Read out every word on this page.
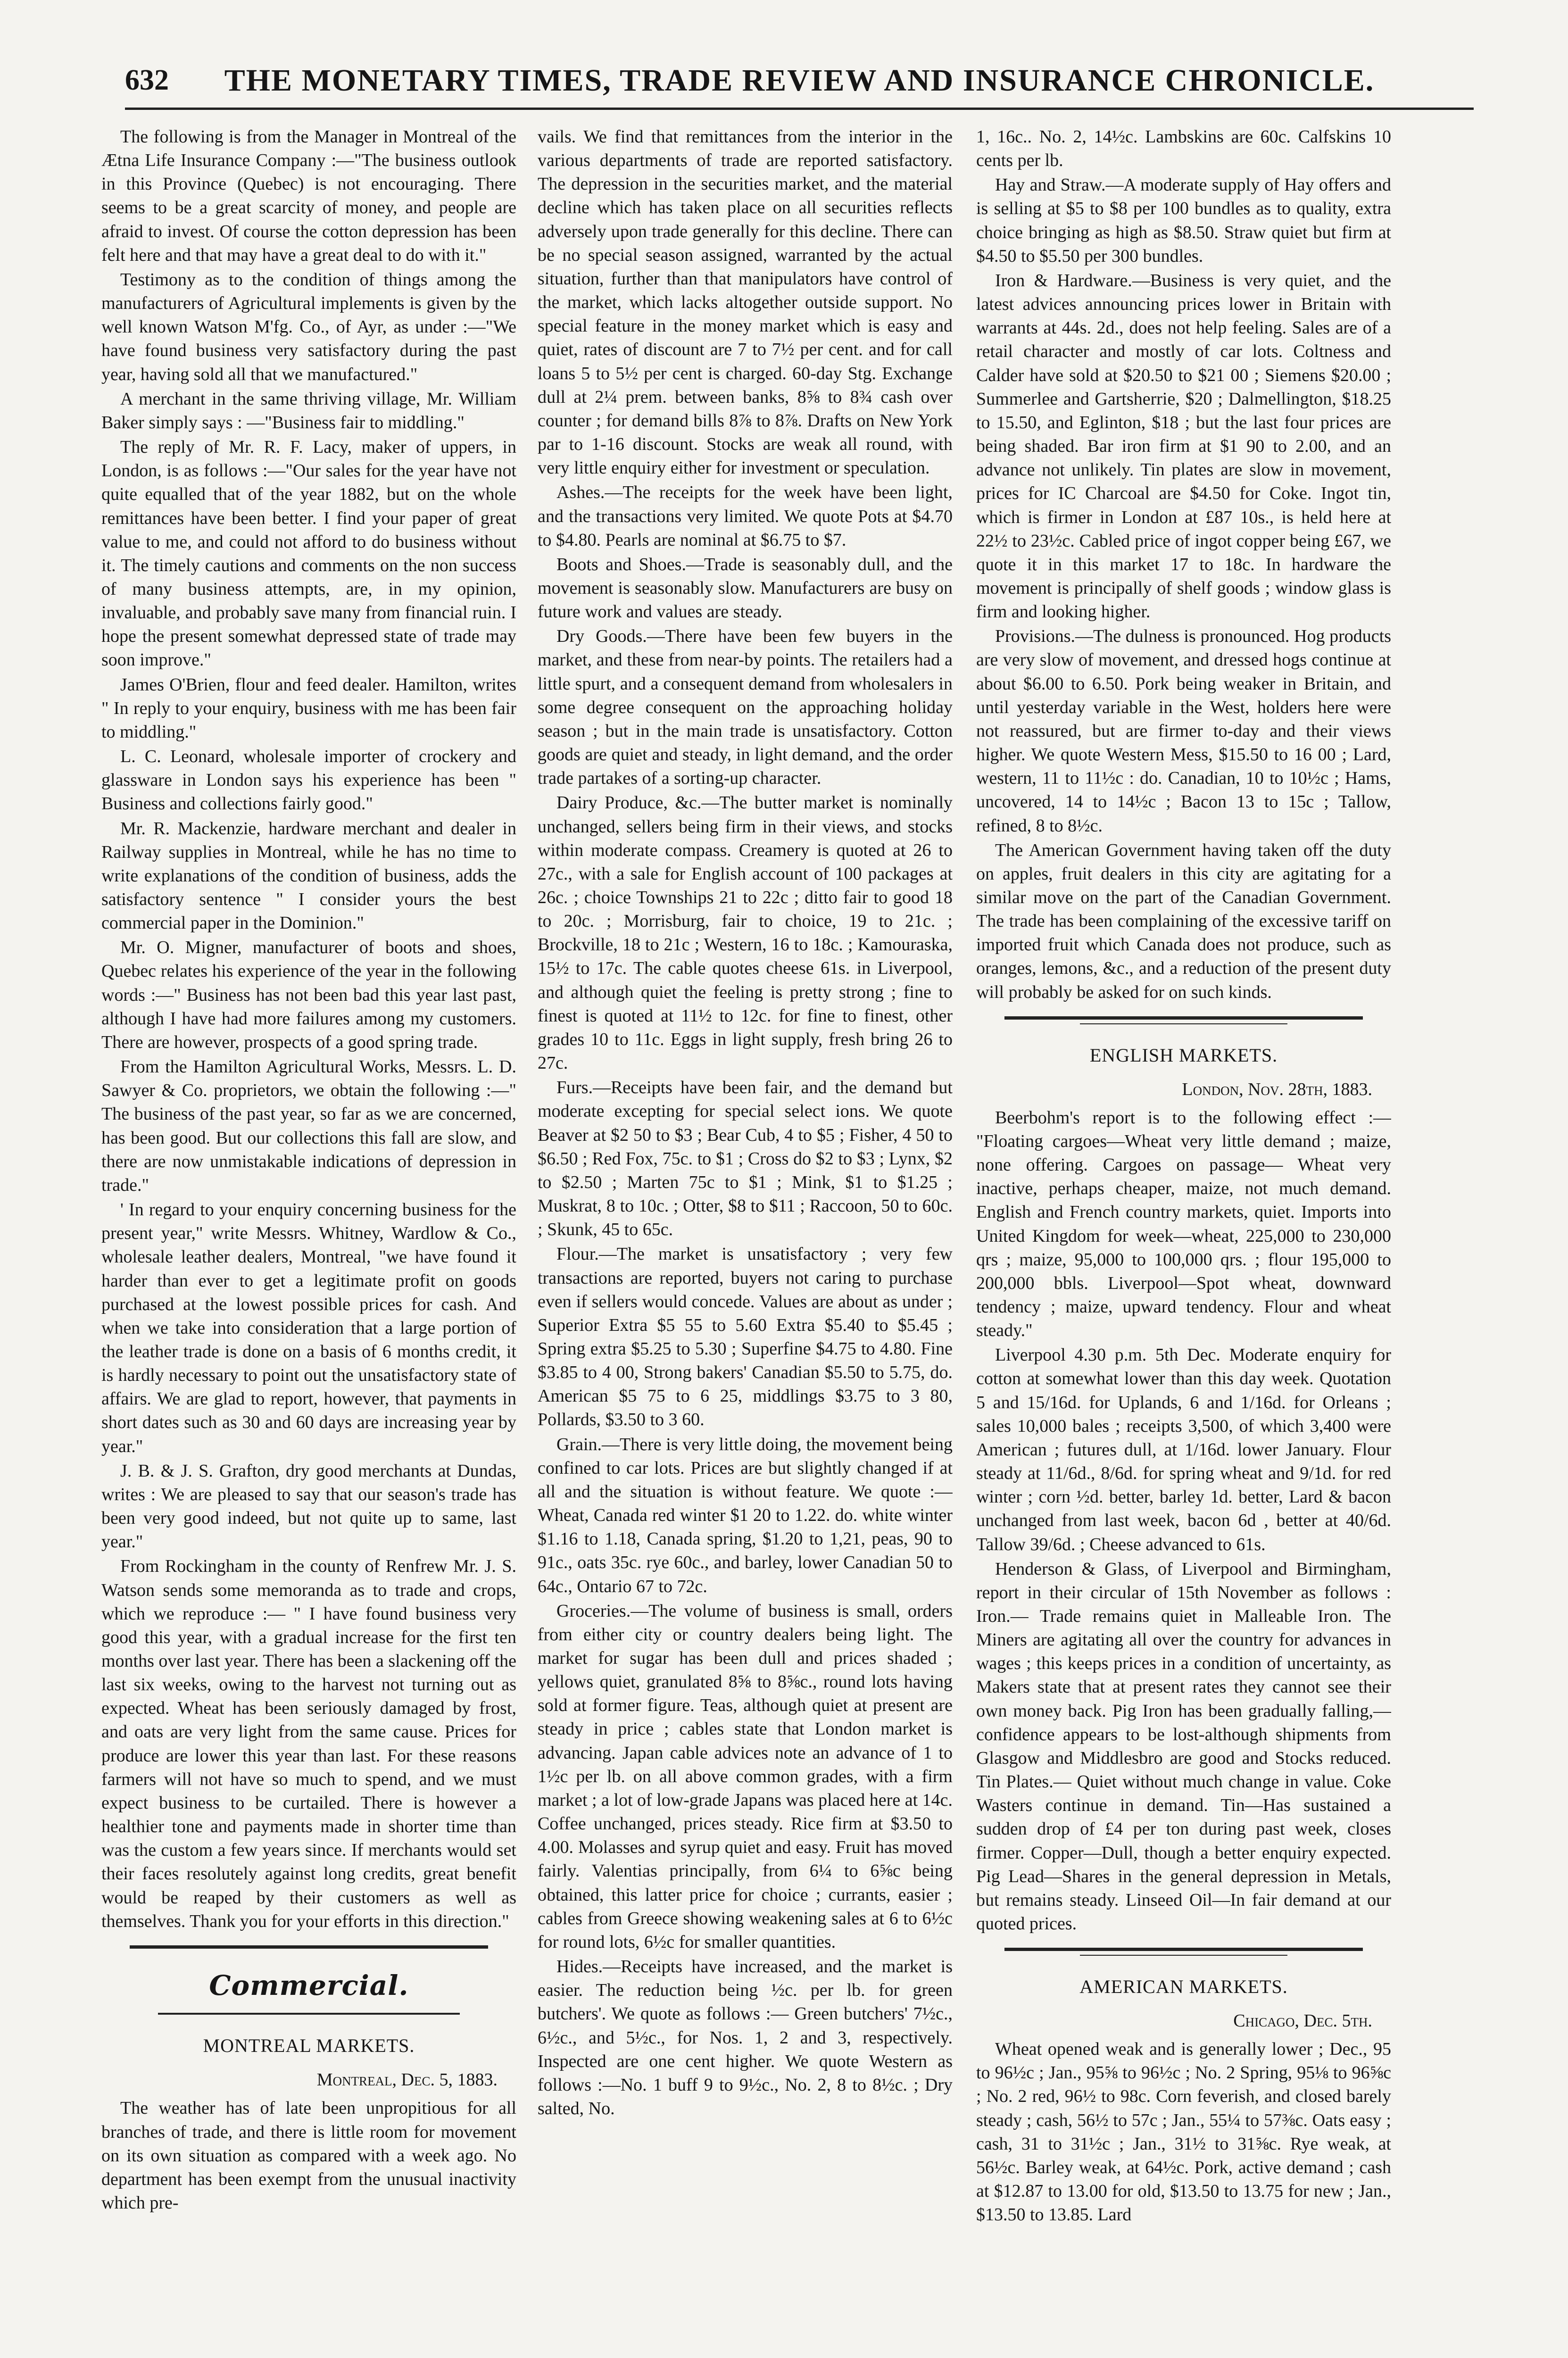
632	THE MONETARY TIMES, TRADE REVIEW AND INSURANCE CHRONICLE.

The following is from the Manager in Montreal of the Ætna Life Insurance Company :—"The business outlook in this Province (Quebec) is not encouraging. There seems to be a great scarcity of money, and people are afraid to invest. Of course the cotton depression has been felt here and that may have a great deal to do with it."

Testimony as to the condition of things among the manufacturers of Agricultural implements is given by the well known Watson M'fg. Co., of Ayr, as under :—"We have found business very satisfactory during the past year, having sold all that we manufactured."

A merchant in the same thriving village, Mr. William Baker simply says : —"Business fair to middling."

The reply of Mr. R. F. Lacy, maker of uppers, in London, is as follows :—"Our sales for the year have not quite equalled that of the year 1882, but on the whole remittances have been better. I find your paper of great value to me, and could not afford to do business without it. The timely cautions and comments on the non success of many business attempts, are, in my opinion, invaluable, and probably save many from financial ruin. I hope the present somewhat depressed state of trade may soon improve."

James O'Brien, flour and feed dealer. Hamilton, writes " In reply to your enquiry, business with me has been fair to middling."

L. C. Leonard, wholesale importer of crockery and glassware in London says his experience has been " Business and collections fairly good."

Mr. R. Mackenzie, hardware merchant and dealer in Railway supplies in Montreal, while he has no time to write explanations of the condition of business, adds the satisfactory sentence " I consider yours the best commercial paper in the Dominion."

Mr. O. Migner, manufacturer of boots and shoes, Quebec relates his experience of the year in the following words :—" Business has not been bad this year last past, although I have had more failures among my customers. There are however, prospects of a good spring trade.

From the Hamilton Agricultural Works, Messrs. L. D. Sawyer & Co. proprietors, we obtain the following :—" The business of the past year, so far as we are concerned, has been good. But our collections this fall are slow, and there are now unmistakable indications of depression in trade."

' In regard to your enquiry concerning business for the present year," write Messrs. Whitney, Wardlow & Co., wholesale leather dealers, Montreal, "we have found it harder than ever to get a legitimate profit on goods purchased at the lowest possible prices for cash. And when we take into consideration that a large portion of the leather trade is done on a basis of 6 months credit, it is hardly necessary to point out the unsatisfactory state of affairs. We are glad to report, however, that payments in short dates such as 30 and 60 days are increasing year by year."

J. B. & J. S. Grafton, dry good merchants at Dundas, writes : We are pleased to say that our season's trade has been very good indeed, but not quite up to same, last year."

From Rockingham in the county of Renfrew Mr. J. S. Watson sends some memoranda as to trade and crops, which we reproduce :— " I have found business very good this year, with a gradual increase for the first ten months over last year. There has been a slackening off the last six weeks, owing to the harvest not turning out as expected. Wheat has been seriously damaged by frost, and oats are very light from the same cause. Prices for produce are lower this year than last. For these reasons farmers will not have so much to spend, and we must expect business to be curtailed. There is however a healthier tone and payments made in shorter time than was the custom a few years since. If merchants would set their faces resolutely against long credits, great benefit would be reaped by their customers as well as themselves. Thank you for your efforts in this direction."

Commercial.
MONTREAL MARKETS.
Montreal, Dec. 5, 1883.

The weather has of late been unpropitious for all branches of trade, and there is little room for movement on its own situation as compared with a week ago. No department has been exempt from the unusual inactivity which pre-

vails. We find that remittances from the interior in the various departments of trade are reported satisfactory. The depression in the securities market, and the material decline which has taken place on all securities reflects adversely upon trade generally for this decline. There can be no special season assigned, warranted by the actual situation, further than that manipulators have control of the market, which lacks altogether outside support. No special feature in the money market which is easy and quiet, rates of discount are 7 to 7½ per cent. and for call loans 5 to 5½ per cent is charged. 60-day Stg. Exchange dull at 2¼ prem. between banks, 8⅝ to 8¾ cash over counter ; for demand bills 8⅞ to 8⅞. Drafts on New York par to 1-16 discount. Stocks are weak all round, with very little enquiry either for investment or speculation.

Ashes.—The receipts for the week have been light, and the transactions very limited. We quote Pots at $4.70 to $4.80. Pearls are nominal at $6.75 to $7.

Boots and Shoes.—Trade is seasonably dull, and the movement is seasonably slow. Manufacturers are busy on future work and values are steady.

Dry Goods.—There have been few buyers in the market, and these from near-by points. The retailers had a little spurt, and a consequent demand from wholesalers in some degree consequent on the approaching holiday season ; but in the main trade is unsatisfactory. Cotton goods are quiet and steady, in light demand, and the order trade partakes of a sorting-up character.

Dairy Produce, &c.—The butter market is nominally unchanged, sellers being firm in their views, and stocks within moderate compass. Creamery is quoted at 26 to 27c., with a sale for English account of 100 packages at 26c. ; choice Townships 21 to 22c ; ditto fair to good 18 to 20c. ; Morrisburg, fair to choice, 19 to 21c. ; Brockville, 18 to 21c ; Western, 16 to 18c. ; Kamouraska, 15½ to 17c. The cable quotes cheese 61s. in Liverpool, and although quiet the feeling is pretty strong ; fine to finest is quoted at 11½ to 12c. for fine to finest, other grades 10 to 11c. Eggs in light supply, fresh bring 26 to 27c.

Furs.—Receipts have been fair, and the demand but moderate excepting for special select ions. We quote Beaver at $2 50 to $3 ; Bear Cub, 4 to $5 ; Fisher, 4 50 to $6.50 ; Red Fox, 75c. to $1 ; Cross do $2 to $3 ; Lynx, $2 to $2.50 ; Marten 75c to $1 ; Mink, $1 to $1.25 ; Muskrat, 8 to 10c. ; Otter, $8 to $11 ; Raccoon, 50 to 60c. ; Skunk, 45 to 65c.

Flour.—The market is unsatisfactory ; very few transactions are reported, buyers not caring to purchase even if sellers would concede. Values are about as under ; Superior Extra $5 55 to 5.60 Extra $5.40 to $5.45 ; Spring extra $5.25 to 5.30 ; Superfine $4.75 to 4.80. Fine $3.85 to 4 00, Strong bakers' Canadian $5.50 to 5.75, do. American $5 75 to 6 25, middlings $3.75 to 3 80, Pollards, $3.50 to 3 60.

Grain.—There is very little doing, the movement being confined to car lots. Prices are but slightly changed if at all and the situation is without feature. We quote :—Wheat, Canada red winter $1 20 to 1.22. do. white winter $1.16 to 1.18, Canada spring, $1.20 to 1,21, peas, 90 to 91c., oats 35c. rye 60c., and barley, lower Canadian 50 to 64c., Ontario 67 to 72c.

Groceries.—The volume of business is small, orders from either city or country dealers being light. The market for sugar has been dull and prices shaded ; yellows quiet, granulated 8⅝ to 8⅝c., round lots having sold at former figure. Teas, although quiet at present are steady in price ; cables state that London market is advancing. Japan cable advices note an advance of 1 to 1½c per lb. on all above common grades, with a firm market ; a lot of low-grade Japans was placed here at 14c. Coffee unchanged, prices steady. Rice firm at $3.50 to 4.00. Molasses and syrup quiet and easy. Fruit has moved fairly. Valentias principally, from 6¼ to 6⅝c being obtained, this latter price for choice ; currants, easier ; cables from Greece showing weakening sales at 6 to 6½c for round lots, 6½c for smaller quantities.

Hides.—Receipts have increased, and the market is easier. The reduction being ½c. per lb. for green butchers'. We quote as follows :— Green butchers' 7½c., 6½c., and 5½c., for Nos. 1, 2 and 3, respectively. Inspected are one cent higher. We quote Western as follows :—No. 1 buff 9 to 9½c., No. 2, 8 to 8½c. ; Dry salted, No.

1, 16c.. No. 2, 14½c. Lambskins are 60c. Calfskins 10 cents per lb.

Hay and Straw.—A moderate supply of Hay offers and is selling at $5 to $8 per 100 bundles as to quality, extra choice bringing as high as $8.50. Straw quiet but firm at $4.50 to $5.50 per 300 bundles.

Iron & Hardware.—Business is very quiet, and the latest advices announcing prices lower in Britain with warrants at 44s. 2d., does not help feeling. Sales are of a retail character and mostly of car lots. Coltness and Calder have sold at $20.50 to $21 00 ; Siemens $20.00 ; Summerlee and Gartsherrie, $20 ; Dalmellington, $18.25 to 15.50, and Eglinton, $18 ; but the last four prices are being shaded. Bar iron firm at $1 90 to 2.00, and an advance not unlikely. Tin plates are slow in movement, prices for IC Charcoal are $4.50 for Coke. Ingot tin, which is firmer in London at £87 10s., is held here at 22½ to 23½c. Cabled price of ingot copper being £67, we quote it in this market 17 to 18c. In hardware the movement is principally of shelf goods ; window glass is firm and looking higher.

Provisions.—The dulness is pronounced. Hog products are very slow of movement, and dressed hogs continue at about $6.00 to 6.50. Pork being weaker in Britain, and until yesterday variable in the West, holders here were not reassured, but are firmer to-day and their views higher. We quote Western Mess, $15.50 to 16 00 ; Lard, western, 11 to 11½c : do. Canadian, 10 to 10½c ; Hams, uncovered, 14 to 14½c ; Bacon 13 to 15c ; Tallow, refined, 8 to 8½c.

The American Government having taken off the duty on apples, fruit dealers in this city are agitating for a similar move on the part of the Canadian Government. The trade has been complaining of the excessive tariff on imported fruit which Canada does not produce, such as oranges, lemons, &c., and a reduction of the present duty will probably be asked for on such kinds.

ENGLISH MARKETS.
London, Nov. 28th, 1883.

Beerbohm's report is to the following effect :— "Floating cargoes—Wheat very little demand ; maize, none offering. Cargoes on passage— Wheat very inactive, perhaps cheaper, maize, not much demand. English and French country markets, quiet. Imports into United Kingdom for week—wheat, 225,000 to 230,000 qrs ; maize, 95,000 to 100,000 qrs. ; flour 195,000 to 200,000 bbls. Liverpool—Spot wheat, downward tendency ; maize, upward tendency. Flour and wheat steady."

Liverpool 4.30 p.m. 5th Dec. Moderate enquiry for cotton at somewhat lower than this day week. Quotation 5 and 15/16d. for Uplands, 6 and 1/16d. for Orleans ; sales 10,000 bales ; receipts 3,500, of which 3,400 were American ; futures dull, at 1/16d. lower January. Flour steady at 11/6d., 8/6d. for spring wheat and 9/1d. for red winter ; corn ½d. better, barley 1d. better, Lard & bacon unchanged from last week, bacon 6d , better at 40/6d. Tallow 39/6d. ; Cheese advanced to 61s.

Henderson & Glass, of Liverpool and Birmingham, report in their circular of 15th November as follows : Iron.— Trade remains quiet in Malleable Iron. The Miners are agitating all over the country for advances in wages ; this keeps prices in a condition of uncertainty, as Makers state that at present rates they cannot see their own money back. Pig Iron has been gradually falling,—confidence appears to be lost-although shipments from Glasgow and Middlesbro are good and Stocks reduced. Tin Plates.— Quiet without much change in value. Coke Wasters continue in demand. Tin—Has sustained a sudden drop of £4 per ton during past week, closes firmer. Copper—Dull, though a better enquiry expected. Pig Lead—Shares in the general depression in Metals, but remains steady. Linseed Oil—In fair demand at our quoted prices.

AMERICAN MARKETS.
Chicago, Dec. 5th.

Wheat opened weak and is generally lower ; Dec., 95 to 96½c ; Jan., 95⅝ to 96½c ; No. 2 Spring, 95⅛ to 96⅝c ; No. 2 red, 96½ to 98c. Corn feverish, and closed barely steady ; cash, 56½ to 57c ; Jan., 55¼ to 57⅜c. Oats easy ; cash, 31 to 31½c ; Jan., 31½ to 31⅝c. Rye weak, at 56½c. Barley weak, at 64½c. Pork, active demand ; cash at $12.87 to 13.00 for old, $13.50 to 13.75 for new ; Jan., $13.50 to 13.85. Lard
